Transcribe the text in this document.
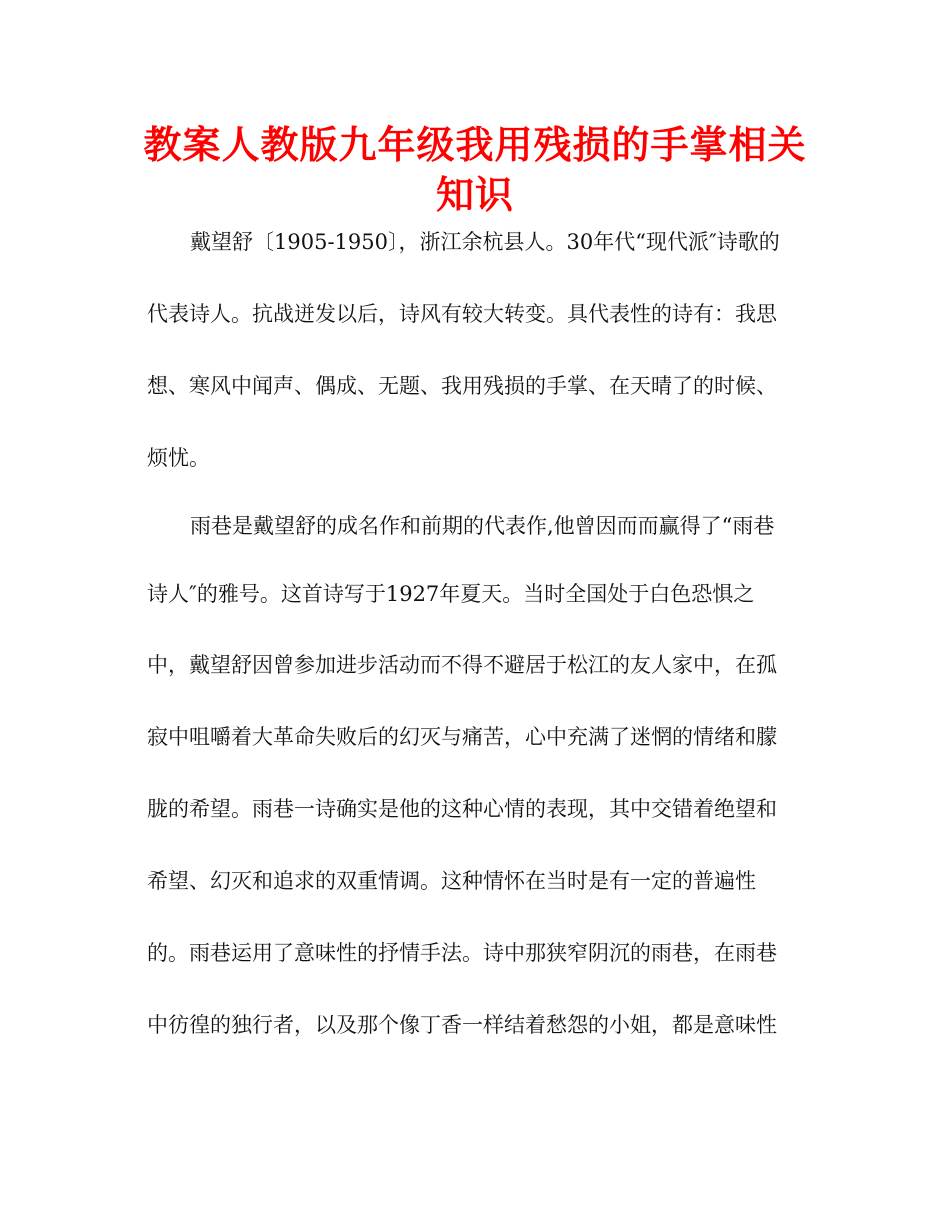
教案人教版九年级我用残损的手掌相关知识

戴望舒〔1905-1950〕，浙江余杭县人。30年代“现代派″诗歌的

代表诗人。抗战迸发以后，诗风有较大转变。具代表性的诗有：我思

想、寒风中闻声、偶成、无题、我用残损的手掌、在天晴了的时候、

烦忧。

雨巷是戴望舒的成名作和前期的代表作,他曾因而而赢得了“雨巷

诗人″的雅号。这首诗写于1927年夏天。当时全国处于白色恐惧之

中，戴望舒因曾参加进步活动而不得不避居于松江的友人家中，在孤

寂中咀嚼着大革命失败后的幻灭与痛苦，心中充满了迷惘的情绪和朦

胧的希望。雨巷一诗确实是他的这种心情的表现，其中交错着绝望和

希望、幻灭和追求的双重情调。这种情怀在当时是有一定的普遍性

的。雨巷运用了意味性的抒情手法。诗中那狭窄阴沉的雨巷，在雨巷

中彷徨的独行者，以及那个像丁香一样结着愁怨的小姐，都是意味性
